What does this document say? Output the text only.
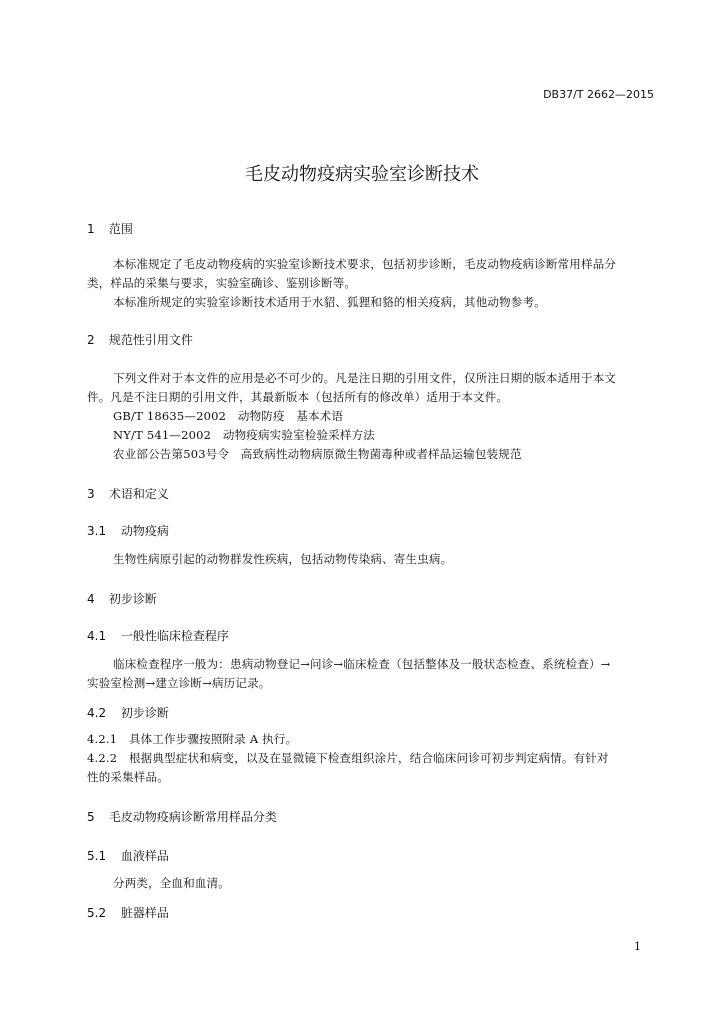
DB37/T 2662—2015
毛皮动物疫病实验室诊断技术
1 范围
本标准规定了毛皮动物疫病的实验室诊断技术要求，包括初步诊断，毛皮动物疫病诊断常用样品分
类，样品的采集与要求，实验室确诊、鉴别诊断等。
本标准所规定的实验室诊断技术适用于水貂、狐狸和貉的相关疫病，其他动物参考。
2 规范性引用文件
下列文件对于本文件的应用是必不可少的。凡是注日期的引用文件，仅所注日期的版本适用于本文
件。凡是不注日期的引用文件，其最新版本（包括所有的修改单）适用于本文件。
GB/T 18635—2002　动物防疫　基本术语
NY/T 541—2002　动物疫病实验室检验采样方法
农业部公告第503号令　高致病性动物病原微生物菌毒种或者样品运输包装规范
3 术语和定义
3.1 动物疫病
生物性病原引起的动物群发性疾病，包括动物传染病、寄生虫病。
4 初步诊断
4.1 一般性临床检查程序
临床检查程序一般为：患病动物登记→问诊→临床检查（包括整体及一般状态检查、系统检查）→
实验室检测→建立诊断→病历记录。
4.2 初步诊断
4.2.1　具体工作步骤按照附录 A 执行。
4.2.2　根据典型症状和病变，以及在显微镜下检查组织涂片，结合临床问诊可初步判定病情。有针对
性的采集样品。
5 毛皮动物疫病诊断常用样品分类
5.1 血液样品
分两类，全血和血清。
5.2 脏器样品
1
